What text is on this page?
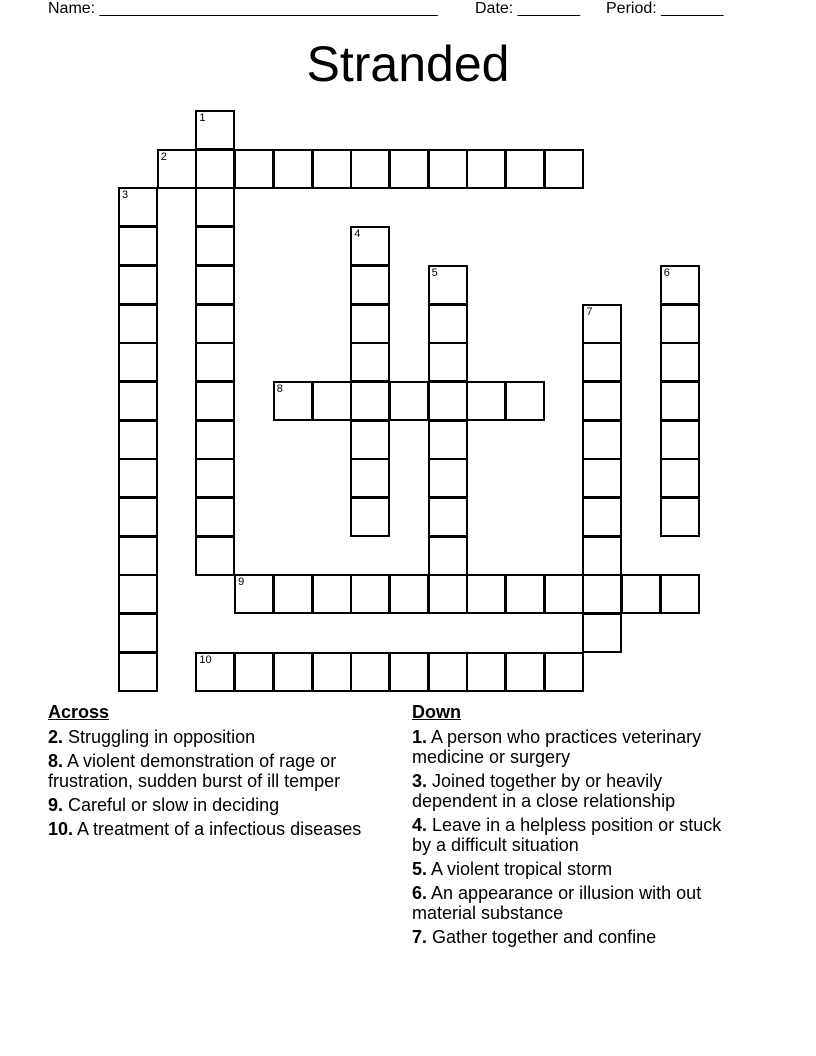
Name: ______________________________________ Date: _______ Period: _______
Stranded
1
2
3
4
5	6
7
8
9
10
Across
2. Struggling in opposition
8. A violent demonstration of rage or frustration, sudden burst of ill temper
9. Careful or slow in deciding
10. A treatment of a infectious diseases
Down
1. A person who practices veterinary medicine or surgery
3. Joined together by or heavily dependent in a close relationship
4. Leave in a helpless position or stuck by a difficult situation
5. A violent tropical storm
6. An appearance or illusion with out material substance
7. Gather together and confine
